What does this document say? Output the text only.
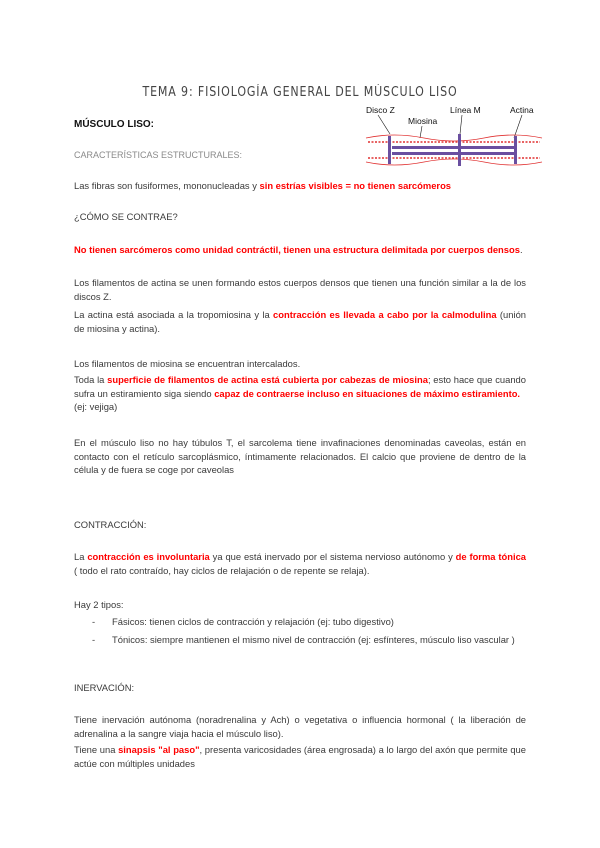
TEMA 9: FISIOLOGÍA GENERAL DEL MÚSCULO LISO

MÚSCULO LISO:

Disco Z
Miosina
Línea M	Actina

CARACTERÍSTICAS ESTRUCTURALES:

Las fibras son fusiformes, mononucleadas y sin estrías visibles = no tienen sarcómeros

¿CÓMO SE CONTRAE?

No tienen sarcómeros como unidad contráctil, tienen una estructura delimitada por cuerpos densos.

Los filamentos de actina se unen formando estos cuerpos densos que tienen una función similar a la de los discos Z.

La actina está asociada a la tropomiosina y la contracción es llevada a cabo por la calmodulina (unión de miosina y actina).

Los filamentos de miosina se encuentran intercalados.

Toda la superficie de filamentos de actina está cubierta por cabezas de miosina; esto hace que cuando sufra un estiramiento siga siendo capaz de contraerse incluso en situaciones de máximo estiramiento.
(ej: vejiga)

En el músculo liso no hay túbulos T, el sarcolema tiene invafinaciones denominadas caveolas, están en contacto con el retículo sarcoplásmico, íntimamente relacionados. El calcio que proviene de dentro de la célula y de fuera se coge por caveolas

CONTRACCIÓN:

La contracción es involuntaria ya que está inervado por el sistema nervioso autónomo y de forma tónica ( todo el rato contraído, hay ciclos de relajación o de repente se relaja).

Hay 2 tipos:

- Fásicos: tienen ciclos de contracción y relajación (ej: tubo digestivo)
- Tónicos: siempre mantienen el mismo nivel de contracción (ej: esfínteres, músculo liso vascular )

INERVACIÓN:

Tiene inervación autónoma (noradrenalina y Ach) o vegetativa o influencia hormonal ( la liberación de adrenalina a la sangre viaja hacia el músculo liso).

Tiene una sinapsis "al paso", presenta varicosidades (área engrosada) a lo largo del axón que permite que actúe con múltiples unidades
